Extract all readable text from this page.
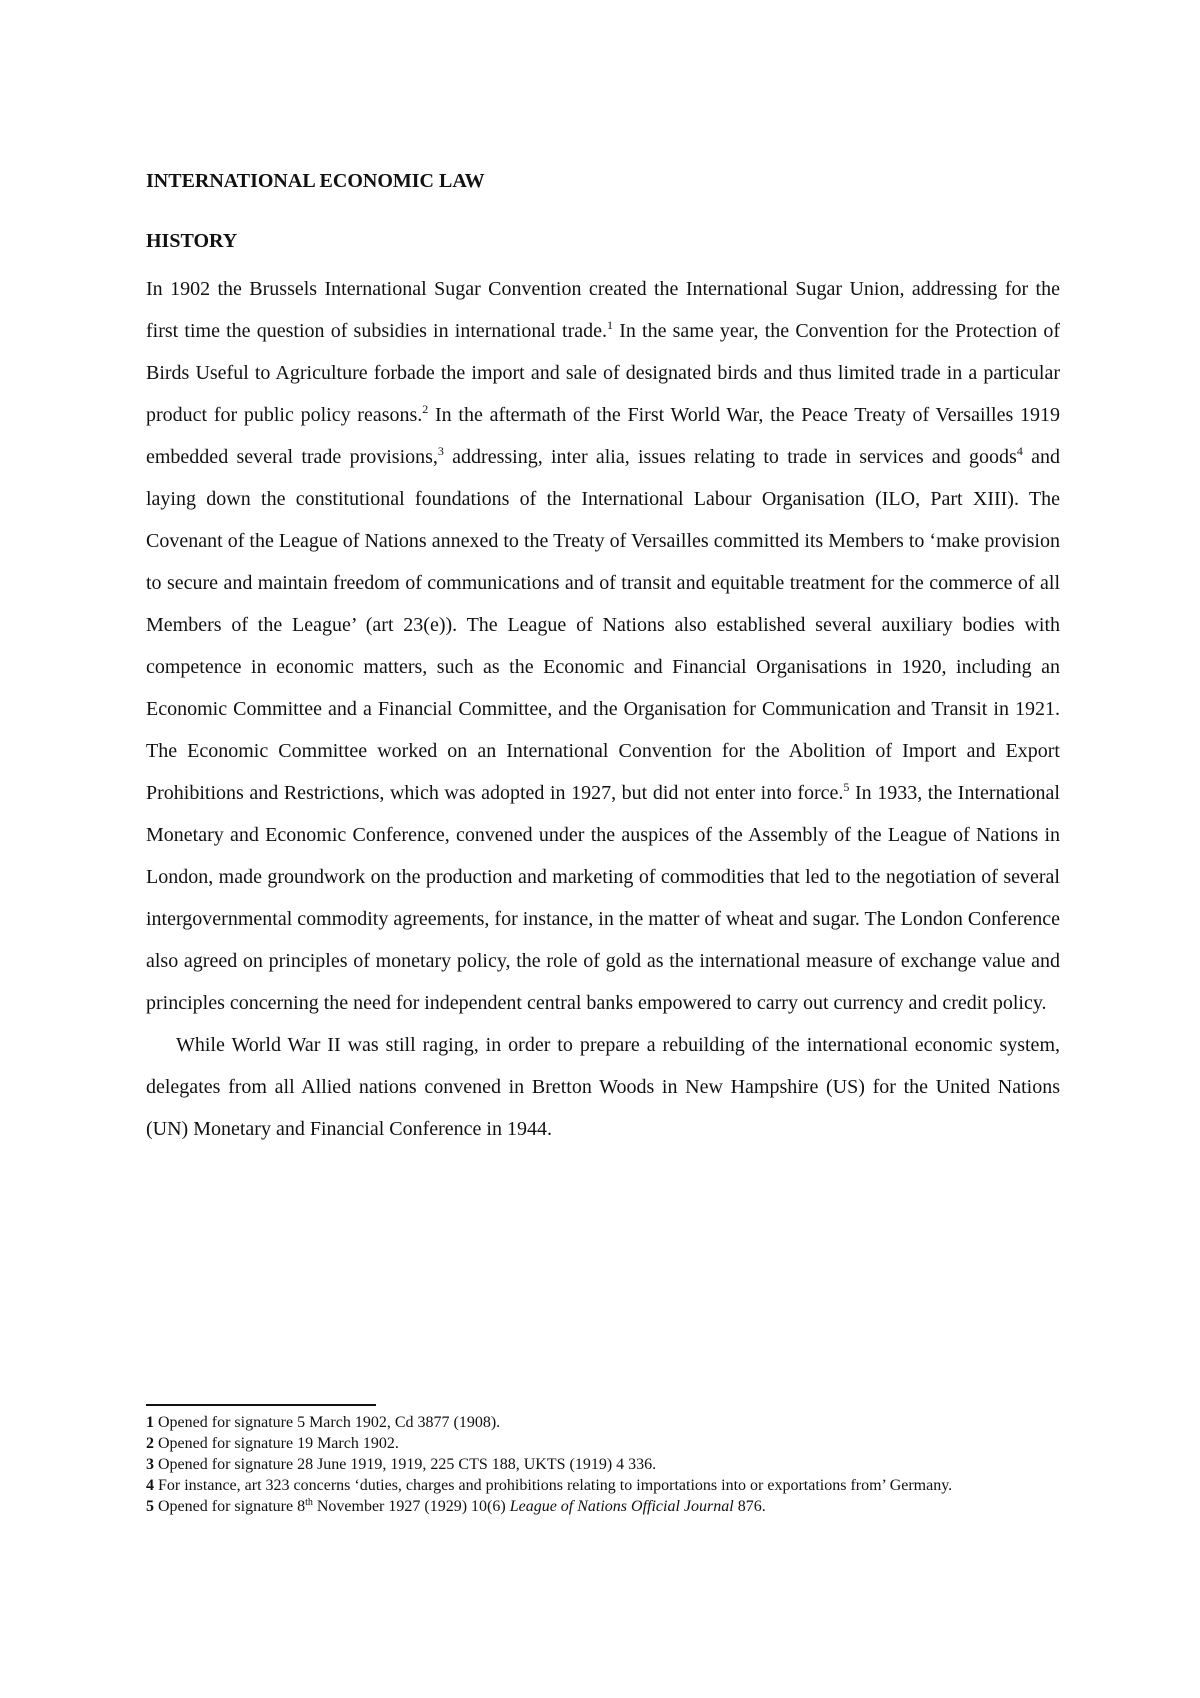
INTERNATIONAL ECONOMIC LAW
HISTORY

In 1902 the Brussels International Sugar Convention created the International Sugar Union, addressing for the first time the question of subsidies in international trade.$^1$ In the same year, the Convention for the Protection of Birds Useful to Agriculture forbade the import and sale of designated birds and thus limited trade in a particular product for public policy reasons.$^2$ In the aftermath of the First World War, the Peace Treaty of Versailles 1919 embedded several trade provisions,$^3$ addressing, inter alia, issues relating to trade in services and goods$^4$ and laying down the constitutional foundations of the International Labour Organisation (ILO, Part XIII). The Covenant of the League of Nations annexed to the Treaty of Versailles committed its Members to ‘make provision to secure and maintain freedom of communications and of transit and equitable treatment for the commerce of all Members of the League’ (art 23(e)). The League of Nations also established several auxiliary bodies with competence in economic matters, such as the Economic and Financial Organisations in 1920, including an Economic Committee and a Financial Committee, and the Organisation for Communication and Transit in 1921. The Economic Committee worked on an International Convention for the Abolition of Import and Export Prohibitions and Restrictions, which was adopted in 1927, but did not enter into force.$^5$ In 1933, the International Monetary and Economic Conference, convened under the auspices of the Assembly of the League of Nations in London, made groundwork on the production and marketing of commodities that led to the negotiation of several intergovernmental commodity agreements, for instance, in the matter of wheat and sugar. The London Conference also agreed on principles of monetary policy, the role of gold as the international measure of exchange value and principles concerning the need for independent central banks empowered to carry out currency and credit policy.

While World War II was still raging, in order to prepare a rebuilding of the international economic system, delegates from all Allied nations convened in Bretton Woods in New Hampshire (US) for the United Nations (UN) Monetary and Financial Conference in 1944.

1 Opened for signature 5 March 1902, Cd 3877 (1908).
2 Opened for signature 19 March 1902.
3 Opened for signature 28 June 1919, 1919, 225 CTS 188, UKTS (1919) 4 336.
4 For instance, art 323 concerns ‘duties, charges and prohibitions relating to importations into or exportations from’ Germany.
5 Opened for signature 8th November 1927 (1929) 10(6) League of Nations Official Journal 876.
